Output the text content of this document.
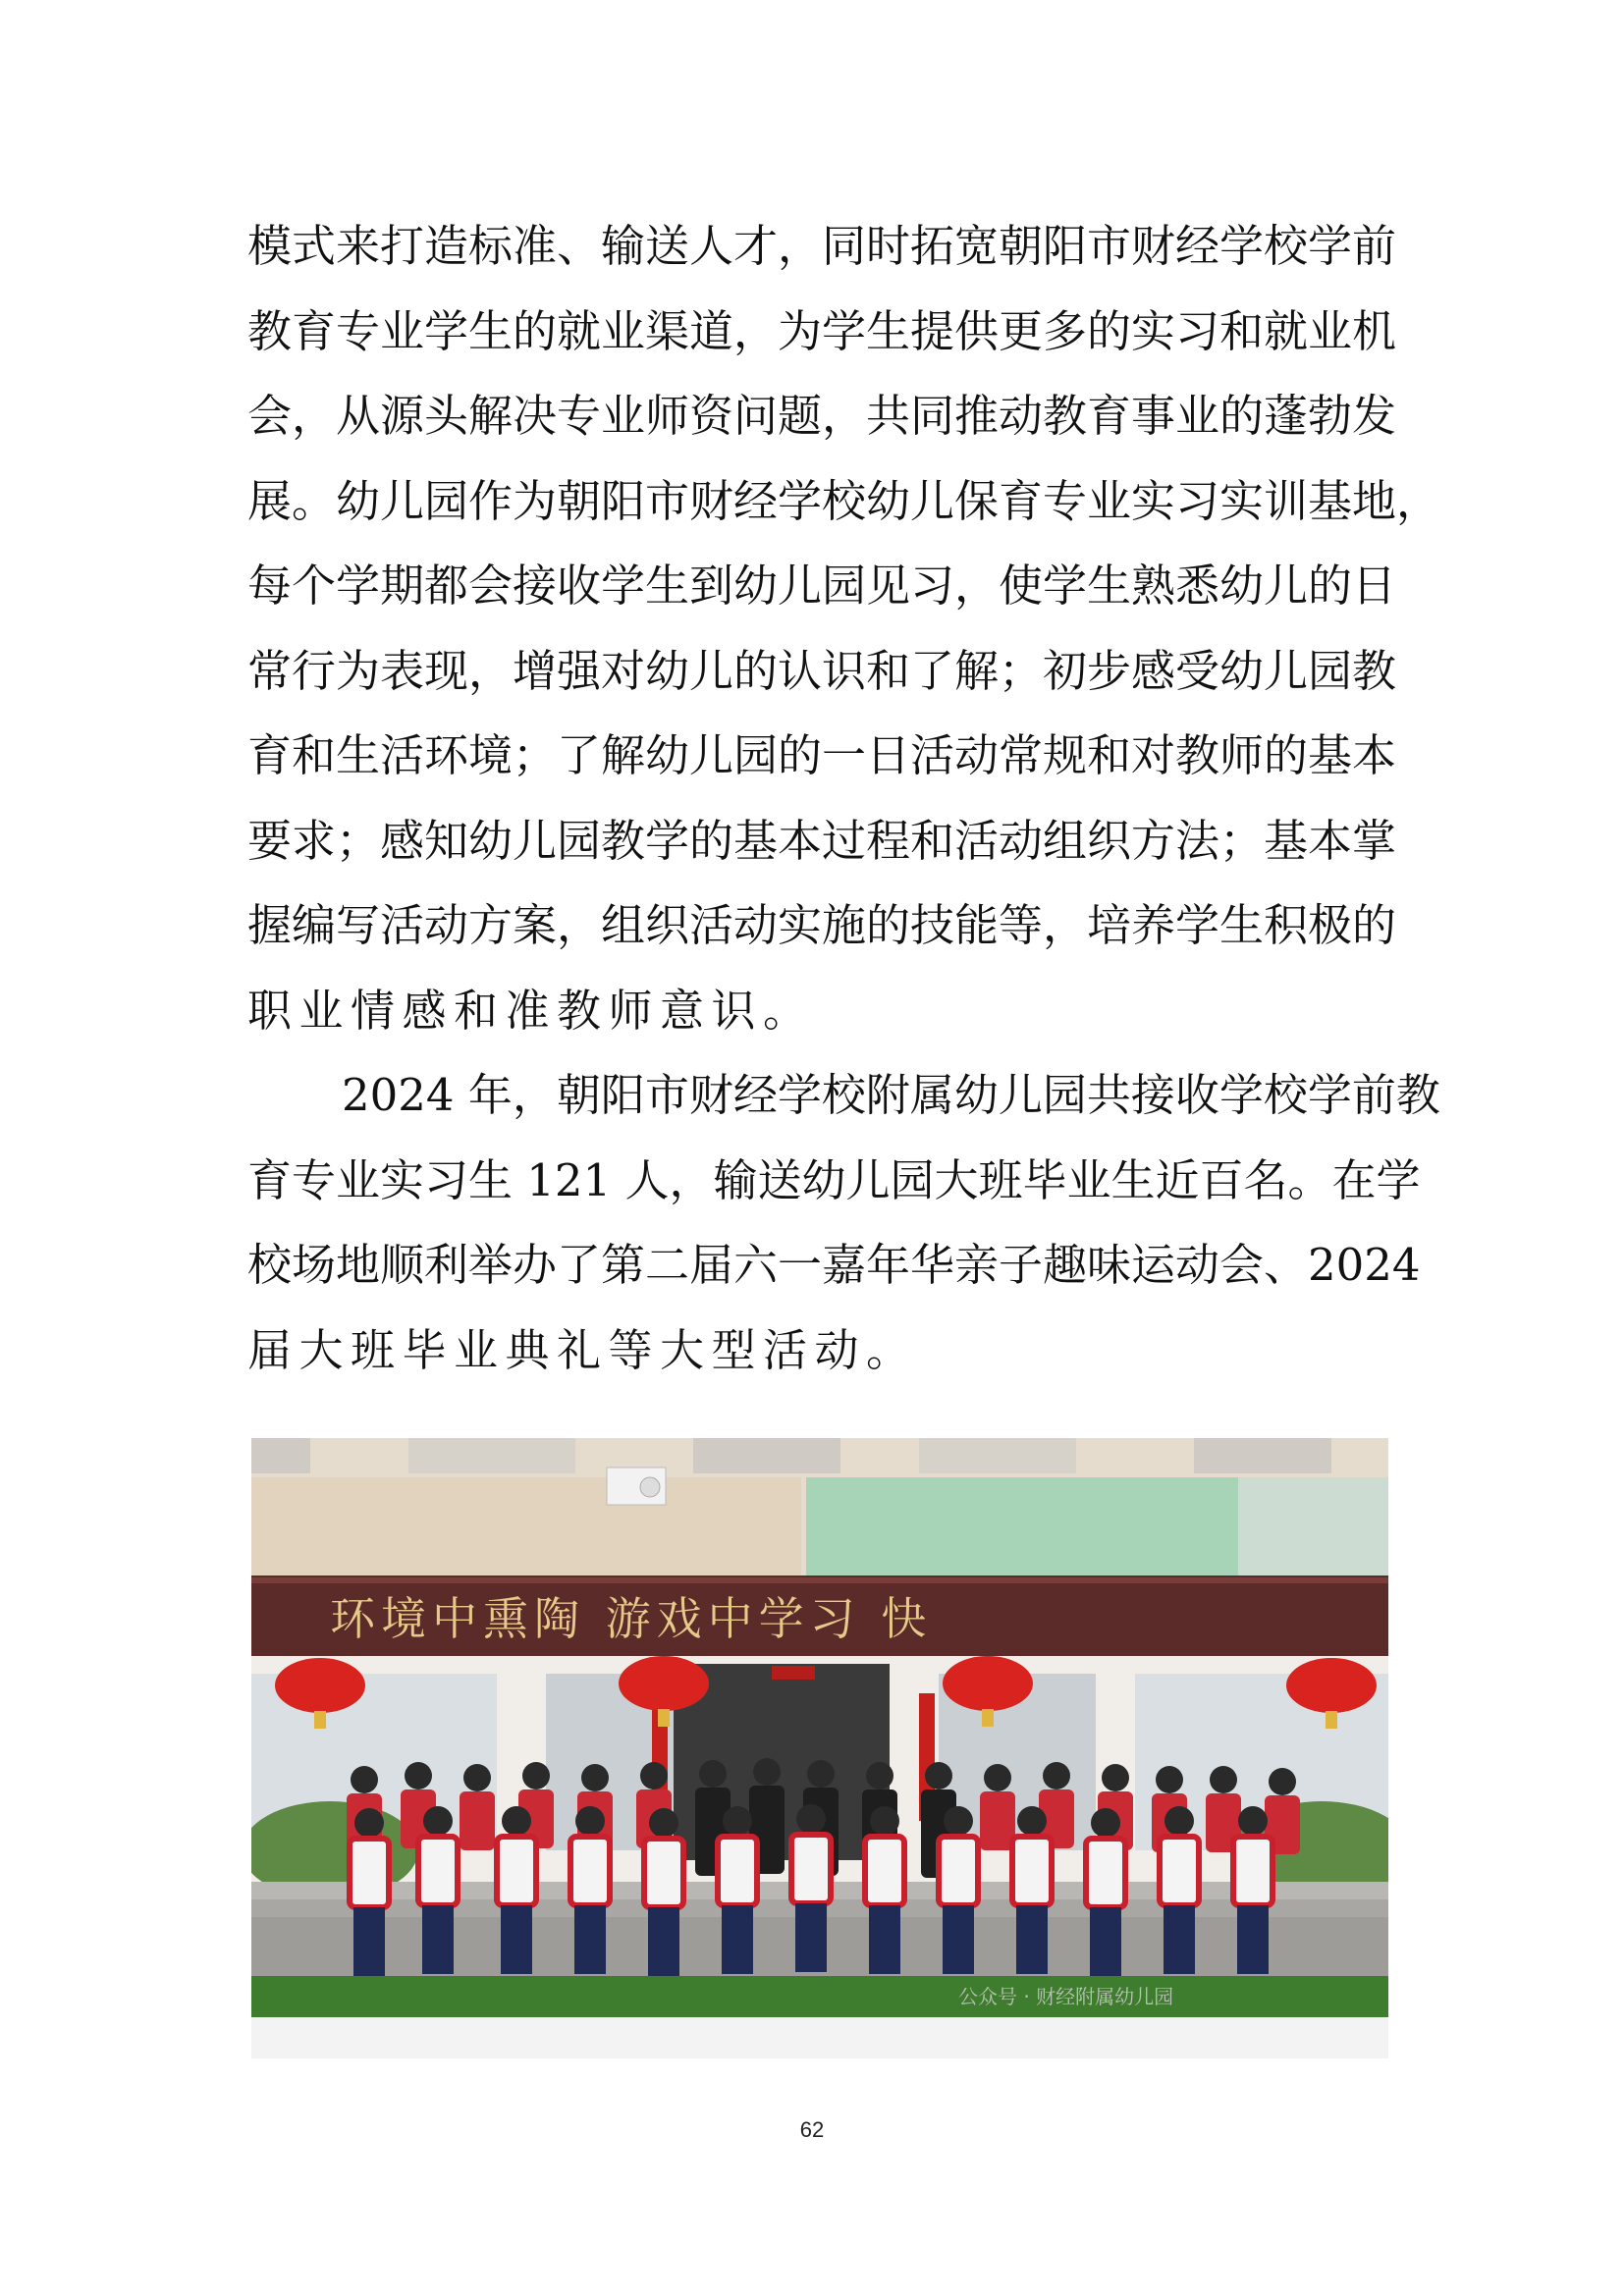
模式来打造标准、输送人才，同时拓宽朝阳市财经学校学前
教育专业学生的就业渠道，为学生提供更多的实习和就业机
会，从源头解决专业师资问题，共同推动教育事业的蓬勃发
展。幼儿园作为朝阳市财经学校幼儿保育专业实习实训基地，
每个学期都会接收学生到幼儿园见习，使学生熟悉幼儿的日
常行为表现，增强对幼儿的认识和了解；初步感受幼儿园教
育和生活环境；了解幼儿园的一日活动常规和对教师的基本
要求；感知幼儿园教学的基本过程和活动组织方法；基本掌
握编写活动方案，组织活动实施的技能等，培养学生积极的
职业情感和准教师意识。
2024 年，朝阳市财经学校附属幼儿园共接收学校学前教
育专业实习生 121 人，输送幼儿园大班毕业生近百名。在学
校场地顺利举办了第二届六一嘉年华亲子趣味运动会、2024
届大班毕业典礼等大型活动。
环境中熏陶 游戏中学习 快
公众号 · 财经附属幼儿园
62
